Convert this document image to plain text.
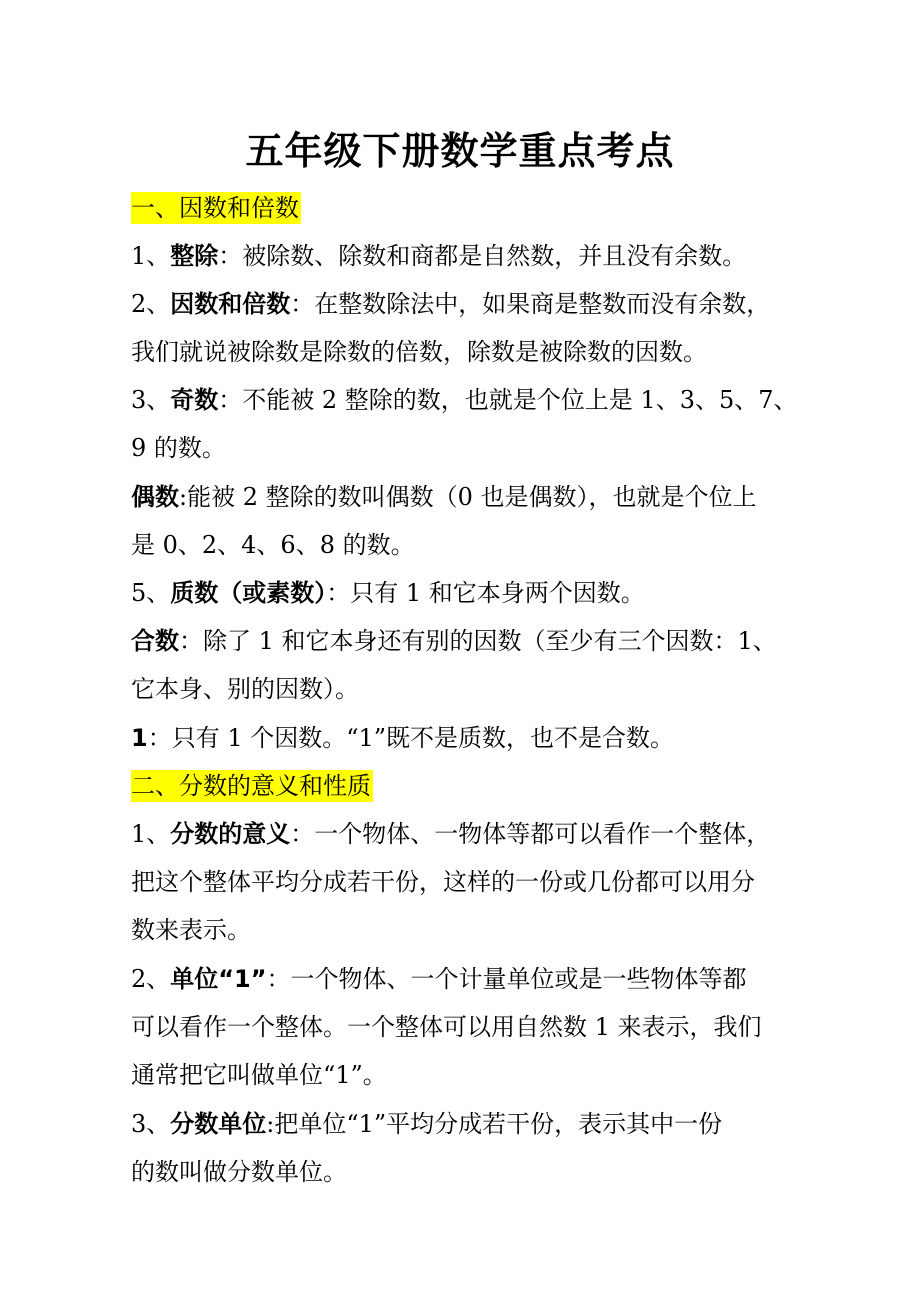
五年级下册数学重点考点
一、因数和倍数
1、整除：被除数、除数和商都是自然数，并且没有余数。
2、因数和倍数：在整数除法中，如果商是整数而没有余数，
我们就说被除数是除数的倍数，除数是被除数的因数。
3、奇数：不能被 2 整除的数，也就是个位上是 1、3、5、7、
9 的数。
偶数:能被 2 整除的数叫偶数（0 也是偶数），也就是个位上
是 0、2、4、6、8 的数。
5、质数（或素数）：只有 1 和它本身两个因数。
合数：除了 1 和它本身还有别的因数（至少有三个因数：1、
它本身、别的因数）。
1：只有 1 个因数。“1”既不是质数，也不是合数。
二、分数的意义和性质
1、分数的意义：一个物体、一物体等都可以看作一个整体，
把这个整体平均分成若干份，这样的一份或几份都可以用分
数来表示。
2、单位“1”：一个物体、一个计量单位或是一些物体等都
可以看作一个整体。一个整体可以用自然数 1 来表示，我们
通常把它叫做单位“1”。
3、分数单位:把单位“1”平均分成若干份，表示其中一份
的数叫做分数单位。
